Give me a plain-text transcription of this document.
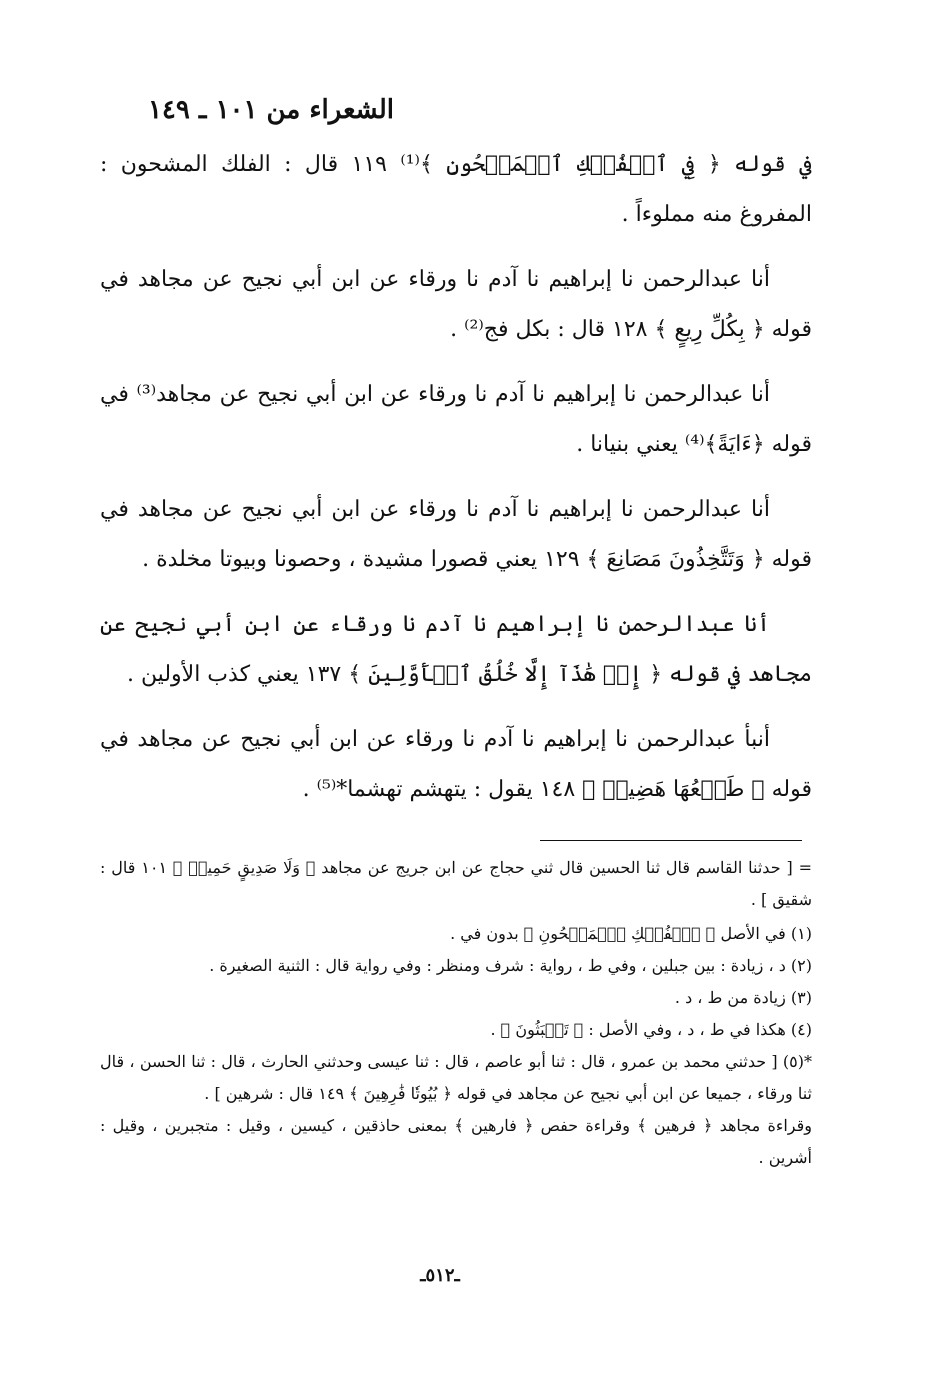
الشعراء من ١٠١ ـ ١٤٩

في قوله ﴿ فِي ٱلۡفُلۡكِ ٱلۡمَشۡحُونِ ﴾⁽¹⁾ ١١٩ قال : الفلك المشحون : المفروغ منه مملوءاً .

أنا عبدالرحمن نا إبراهيم نا آدم نا ورقاء عن ابن أبي نجيح عن مجاهد في قوله ﴿ بِكُلِّ رِيعٍ ﴾ ١٢٨ قال : بكل فج⁽²⁾ .

أنا عبدالرحمن نا إبراهيم نا آدم نا ورقاء عن ابن أبي نجيح عن مجاهد⁽³⁾ في قوله ﴿ءَايَةً﴾⁽⁴⁾ يعني بنيانا .

أنا عبدالرحمن نا إبراهيم نا آدم نا ورقاء عن ابن أبي نجيح عن مجاهد في قوله ﴿ وَتَتَّخِذُونَ مَصَانِعَ ﴾ ١٢٩ يعني قصورا مشيدة ، وحصونا وبيوتا مخلدة .

أنا عبدالرحمن نا إبراهيم نا آدم نا ورقاء عن ابن أبي نجيح عن مجاهد في قوله ﴿ إِنۡ هَٰذَآ إِلَّا خُلُقُ ٱلۡأَوَّلِينَ ﴾ ١٣٧ يعني كذب الأولين .

أنبأ عبدالرحمن نا إبراهيم نا آدم نا ورقاء عن ابن أبي نجيح عن مجاهد في قوله ﴿ طَلۡعُهَا هَضِيمٞ ﴾ ١٤٨ يقول : يتهشم تهشما*⁽⁵⁾ .

= [ حدثنا القاسم قال ثنا الحسين قال ثني حجاج عن ابن جريج عن مجاهد ﴿ وَلَا صَدِيقٍ حَمِيمٖ ﴾ ١٠١ قال : شقيق ] .

(١) في الأصل ﴿ ٱلۡفُلۡكِ ٱلۡمَشۡحُونِ ﴾ بدون في .

(٢) د ، زيادة : بين جبلين ، وفي ط ، رواية : شرف ومنظر : وفي رواية قال : الثنية الصغيرة .

(٣) زيادة من ط ، د .

(٤) هكذا في ط ، د ، وفي الأصل : ﴿ تَعۡبَثُونَ ﴾ .

*(٥) [ حدثني محمد بن عمرو ، قال : ثنا أبو عاصم ، قال : ثنا عيسى وحدثني الحارث ، قال : ثنا الحسن ، قال ثنا ورقاء ، جميعا عن ابن أبي نجيح عن مجاهد في قوله ﴿ بُيُوتٗا فَٰرِهِينَ ﴾ ١٤٩ قال : شرهين ] .

وقراءة مجاهد ﴿ فرهين ﴾ وقراءة حفص ﴿ فارهين ﴾ بمعنى حاذقين ، كيسين ، وقيل : متجبرين ، وقيل : أشرين .

ـ٥١٢ـ
